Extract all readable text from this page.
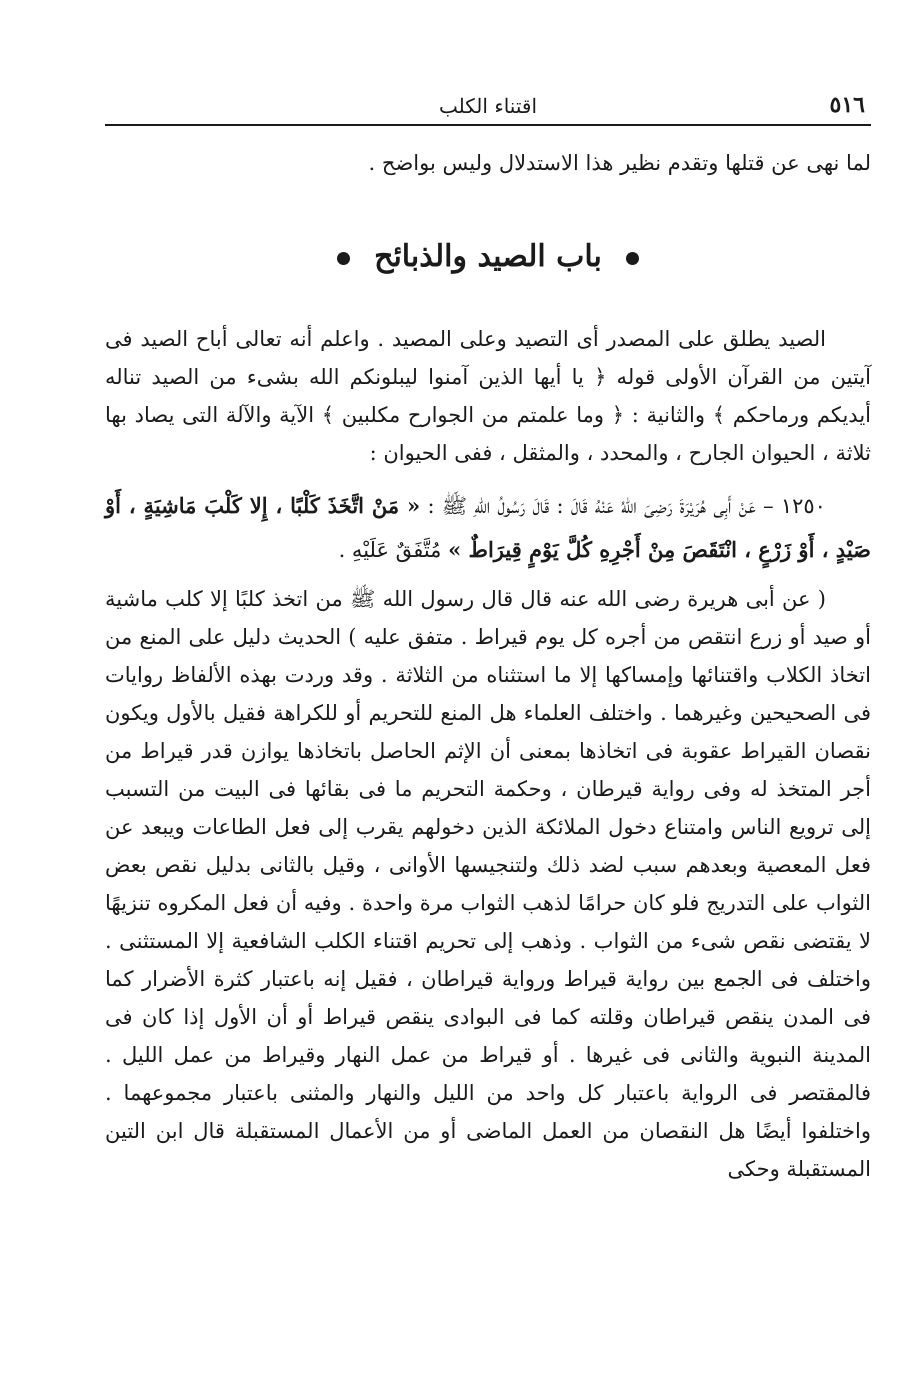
٥١٦
اقتناء الكلب

لما نهى عن قتلها وتقدم نظير هذا الاستدلال وليس بواضح .

باب الصيد والذبائح

الصيد يطلق على المصدر أى التصيد وعلى المصيد . واعلم أنه تعالى أباح الصيد فى آيتين من القرآن الأولى قوله ﴿ يا أيها الذين آمنوا ليبلونكم الله بشىء من الصيد تناله أيديكم ورماحكم ﴾ والثانية : ﴿ وما علمتم من الجوارح مكلبين ﴾ الآية والآلة التى يصاد بها ثلاثة ، الحيوان الجارح ، والمحدد ، والمثقل ، ففى الحيوان :

١٢٥٠ – عَنْ أَبِى هُرَيْرَةَ رَضِىَ اللهُ عَنْهُ قَالَ : قَالَ رَسُولُ اللهِ ﷺ : « مَنْ اتَّخَذَ كَلْبًا ، إِلا كَلْبَ مَاشِيَةٍ ، أَوْ صَيْدٍ ، أَوْ زَرْعٍ ، انْتَقَصَ مِنْ أَجْرِهِ كُلَّ يَوْمٍ قِيرَاطٌ » مُتَّفَقٌ عَلَيْهِ .

( عن أبى هريرة رضى الله عنه قال قال رسول الله ﷺ من اتخذ كلبًا إلا كلب ماشية أو صيد أو زرع انتقص من أجره كل يوم قيراط . متفق عليه ) الحديث دليل على المنع من اتخاذ الكلاب واقتنائها وإمساكها إلا ما استثناه من الثلاثة . وقد وردت بهذه الألفاظ روايات فى الصحيحين وغيرهما . واختلف العلماء هل المنع للتحريم أو للكراهة فقيل بالأول ويكون نقصان القيراط عقوبة فى اتخاذها بمعنى أن الإثم الحاصل باتخاذها يوازن قدر قيراط من أجر المتخذ له وفى رواية قيرطان ، وحكمة التحريم ما فى بقائها فى البيت من التسبب إلى ترويع الناس وامتناع دخول الملائكة الذين دخولهم يقرب إلى فعل الطاعات ويبعد عن فعل المعصية وبعدهم سبب لضد ذلك ولتنجيسها الأوانى ، وقيل بالثانى بدليل نقص بعض الثواب على التدريج فلو كان حرامًا لذهب الثواب مرة واحدة . وفيه أن فعل المكروه تنزيهًا لا يقتضى نقص شىء من الثواب . وذهب إلى تحريم اقتناء الكلب الشافعية إلا المستثنى . واختلف فى الجمع بين رواية قيراط ورواية قيراطان ، فقيل إنه باعتبار كثرة الأضرار كما فى المدن ينقص قيراطان وقلته كما فى البوادى ينقص قيراط أو أن الأول إذا كان فى المدينة النبوية والثانى فى غيرها . أو قيراط من عمل النهار وقيراط من عمل الليل . فالمقتصر فى الرواية باعتبار كل واحد من الليل والنهار والمثنى باعتبار مجموعهما . واختلفوا أيضًا هل النقصان من العمل الماضى أو من الأعمال المستقبلة قال ابن التين المستقبلة وحكى
